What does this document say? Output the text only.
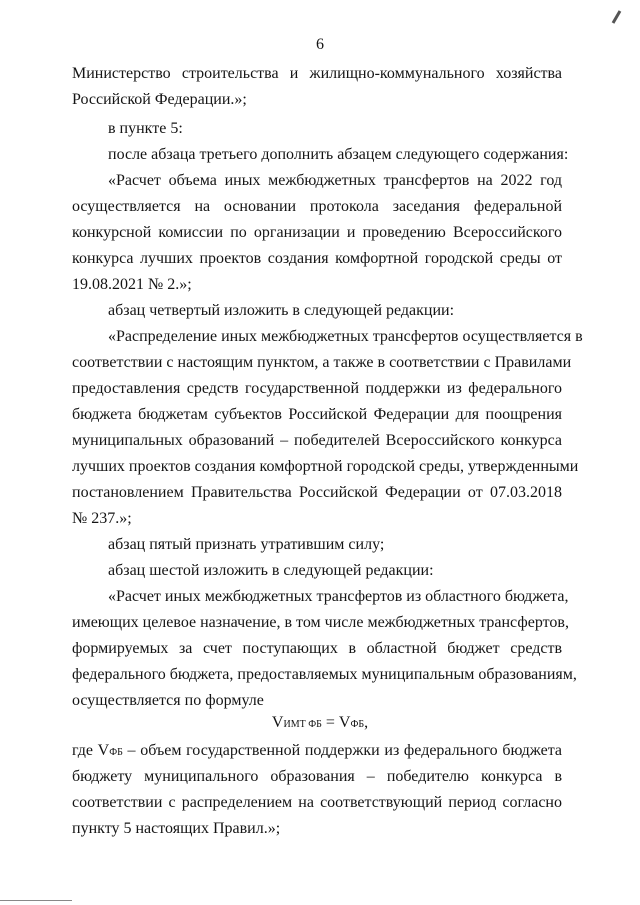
6
Министерство строительства и жилищно-коммунального хозяйства
Российской Федерации.»;
в пункте 5:
после абзаца третьего дополнить абзацем следующего содержания:
«Расчет объема иных межбюджетных трансфертов на 2022 год
осуществляется на основании протокола заседания федеральной
конкурсной комиссии по организации и проведению Всероссийского
конкурса лучших проектов создания комфортной городской среды от
19.08.2021 № 2.»;
абзац четвертый изложить в следующей редакции:
«Распределение иных межбюджетных трансфертов осуществляется в
соответствии с настоящим пунктом, а также в соответствии с Правилами
предоставления средств государственной поддержки из федерального
бюджета бюджетам субъектов Российской Федерации для поощрения
муниципальных образований – победителей Всероссийского конкурса
лучших проектов создания комфортной городской среды, утвержденными
постановлением Правительства Российской Федерации от 07.03.2018
№ 237.»;
абзац пятый признать утратившим силу;
абзац шестой изложить в следующей редакции:
«Расчет иных межбюджетных трансфертов из областного бюджета,
имеющих целевое назначение, в том числе межбюджетных трансфертов,
формируемых за счет поступающих в областной бюджет средств
федерального бюджета, предоставляемых муниципальным образованиям,
осуществляется по формуле
VИМТ ФБ = VФБ,
где VФБ – объем государственной поддержки из федерального бюджета
бюджету муниципального образования – победителю конкурса в
соответствии с распределением на соответствующий период согласно
пункту 5 настоящих Правил.»;
